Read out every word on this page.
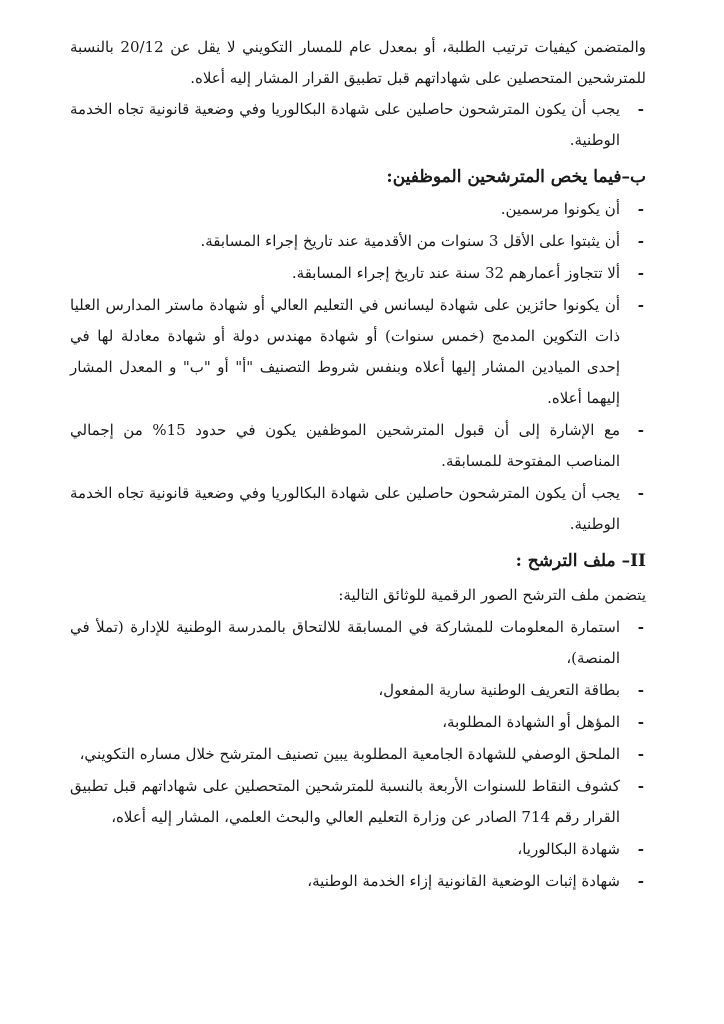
والمتضمن كيفيات ترتيب الطلبة، أو بمعدل عام للمسار التكويني لا يقل عن 20/12 بالنسبة للمترشحين المتحصلين على شهاداتهم قبل تطبيق القرار المشار إليه أعلاه.

-
يجب أن يكون المترشحون حاصلين على شهادة البكالوريا وفي وضعية قانونية تجاه الخدمة الوطنية.
ب–فيما يخص المترشحين الموظفين:
-
أن يكونوا مرسمين.
-
أن يثبتوا على الأقل 3 سنوات من الأقدمية عند تاريخ إجراء المسابقة.
-
ألا تتجاوز أعمارهم 32 سنة عند تاريخ إجراء المسابقة.
-
أن يكونوا حائزين على شهادة ليسانس في التعليم العالي أو شهادة ماستر المدارس العليا ذات التكوين المدمج (خمس سنوات) أو شهادة مهندس دولة أو شهادة معادلة لها في إحدى الميادين المشار إليها أعلاه وبنفس شروط التصنيف "أ" أو "ب" و المعدل المشار إليهما أعلاه.
-
مع الإشارة إلى أن قبول المترشحين الموظفين يكون في حدود 15% من إجمالي المناصب المفتوحة للمسابقة.
-
يجب أن يكون المترشحون حاصلين على شهادة البكالوريا وفي وضعية قانونية تجاه الخدمة الوطنية.
II– ملف الترشح :

يتضمن ملف الترشح الصور الرقمية للوثائق التالية:

-
استمارة المعلومات للمشاركة في المسابقة للالتحاق بالمدرسة الوطنية للإدارة (تملأ في المنصة)،
-
بطاقة التعريف الوطنية سارية المفعول،
-
المؤهل أو الشهادة المطلوبة،
-
الملحق الوصفي للشهادة الجامعية المطلوبة يبين تصنيف المترشح خلال مساره التكويني،
-
كشوف النقاط للسنوات الأربعة بالنسبة للمترشحين المتحصلين على شهاداتهم قبل تطبيق القرار رقم 714 الصادر عن وزارة التعليم العالي والبحث العلمي، المشار إليه أعلاه،
-
شهادة البكالوريا،
-
شهادة إثبات الوضعية القانونية إزاء الخدمة الوطنية،
